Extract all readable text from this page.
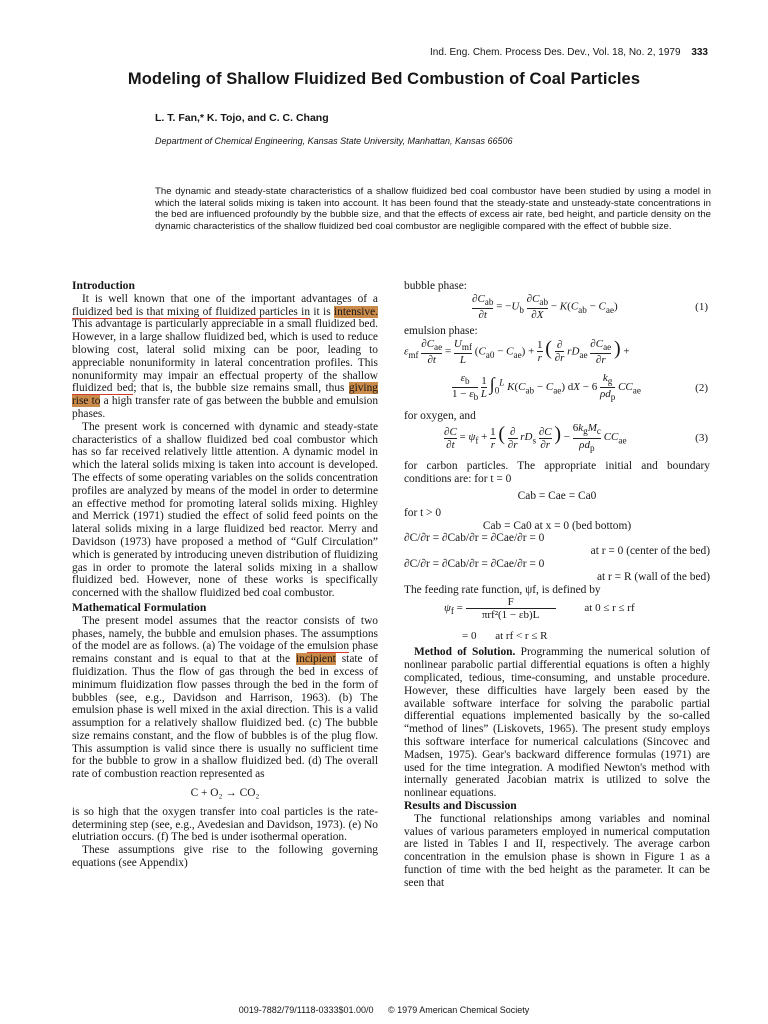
Ind. Eng. Chem. Process Des. Dev., Vol. 18, No. 2, 1979 333
Modeling of Shallow Fluidized Bed Combustion of Coal Particles
L. T. Fan,* K. Tojo, and C. C. Chang
Department of Chemical Engineering, Kansas State University, Manhattan, Kansas 66506
The dynamic and steady-state characteristics of a shallow fluidized bed coal combustor have been studied by using a model in which the lateral solids mixing is taken into account. It has been found that the steady-state and unsteady-state concentrations in the bed are influenced profoundly by the bubble size, and that the effects of excess air rate, bed height, and particle density on the dynamic characteristics of the shallow fluidized bed coal combustor are negligible compared with the effect of bubble size.
Introduction

It is well known that one of the important advantages of a fluidized bed is that mixing of fluidized particles in it is intensive. This advantage is particularly appreciable in a small fluidized bed. However, in a large shallow fluidized bed, which is used to reduce blowing cost, lateral solid mixing can be poor, leading to appreciable nonuniformity in lateral concentration profiles. This nonuniformity may impair an effectual property of the shallow fluidized bed; that is, the bubble size remains small, thus giving rise to a high transfer rate of gas between the bubble and emulsion phases.

The present work is concerned with dynamic and steady-state characteristics of a shallow fluidized bed coal combustor which has so far received relatively little attention. A dynamic model in which the lateral solids mixing is taken into account is developed. The effects of some operating variables on the solids concentration profiles are analyzed by means of the model in order to determine an effective method for promoting lateral solids mixing. Highley and Merrick (1971) studied the effect of solid feed points on the lateral solids mixing in a large fluidized bed reactor. Merry and Davidson (1973) have proposed a method of “Gulf Circulation” which is generated by introducing uneven distribution of fluidizing gas in order to promote the lateral solids mixing in a shallow fluidized bed. However, none of these works is specifically concerned with the shallow fluidized bed coal combustor.

Mathematical Formulation

The present model assumes that the reactor consists of two phases, namely, the bubble and emulsion phases. The assumptions of the model are as follows. (a) The voidage of the emulsion phase remains constant and is equal to that at the incipient state of fluidization. Thus the flow of gas through the bed in excess of minimum fluidization flow passes through the bed in the form of bubbles (see, e.g., Davidson and Harrison, 1963). (b) The emulsion phase is well mixed in the axial direction. This is a valid assumption for a relatively shallow fluidized bed. (c) The bubble size remains constant, and the flow of bubbles is of the plug flow. This assumption is valid since there is usually no sufficient time for the bubble to grow in a shallow fluidized bed. (d) The overall rate of combustion reaction represented as

C + O₂ → CO₂

is so high that the oxygen transfer into coal particles is the rate-determining step (see, e.g., Avedesian and Davidson, 1973). (e) No elutriation occurs. (f) The bed is under isothermal operation.

These assumptions give rise to the following governing equations (see Appendix)

bubble phase:
$\frac{\partial C_{ab}}{\partial t} = -U_b \frac{\partial C_{ab}}{\partial X} - K(C_{ab} - C_{ae})$	(1)
emulsion phase:
$\varepsilon_{mf} \frac{\partial C_{ae}}{\partial t} = \frac{U_{mf}}{L} (C_{a0} - C_{ae}) + \frac{1}{r}$ ( $\frac{\partial}{\partial r} rD_{ae} \frac{\partial C_{ae}}{\partial r}$ ) +
$\frac{\varepsilon_b}{1 - \varepsilon_b}$
$\frac{1}{L} \int_0^L$ $K(C_{ab} - C_{ae})$ dX − $6 \frac{k_g}{\rho d_p} CC_{ae}$	(2)
for oxygen, and
$\frac{\partial C}{\partial t} = \psi_f + \frac{1}{r}$ ( $\frac{\partial}{\partial r} rD_s \frac{\partial C}{\partial r}$ ) − $\frac{6k_gM_c}{\rho d_p} CC_{ae}$	(3)
for carbon particles. The appropriate initial and boundary conditions are: for t = 0
Cab = Cae = Ca0
for t > 0
Cab = Ca0 at x = 0 (bed bottom)
∂C/∂r = ∂Cab/∂r = ∂Cae/∂r = 0
at r = 0 (center of the bed)
∂C/∂r = ∂Cab/∂r = ∂Cae/∂r = 0
at r = R (wall of the bed)
The feeding rate function, ψf, is defined by
$\psi_f = \frac{F}{\text{πrf²(1 − εb)L}}$	at 0 ≤ r ≤ rf
= 0 at rf < r ≤ R

Method of Solution. Programming the numerical solution of nonlinear parabolic partial differential equations is often a highly complicated, tedious, time-consuming, and unstable procedure. However, these difficulties have largely been eased by the available software interface for solving the parabolic partial differential equations implemented basically by the so-called “method of lines” (Liskovets, 1965). The present study employs this software interface for numerical calculations (Sincovec and Madsen, 1975). Gear's backward difference formulas (1971) are used for the time integration. A modified Newton's method with internally generated Jacobian matrix is utilized to solve the nonlinear equations.

Results and Discussion

The functional relationships among variables and nominal values of various parameters employed in numerical computation are listed in Tables I and II, respectively. The average carbon concentration in the emulsion phase is shown in Figure 1 as a function of time with the bed height as the parameter. It can be seen that

0019-7882/79/1118-0333$01.00/0 © 1979 American Chemical Society
